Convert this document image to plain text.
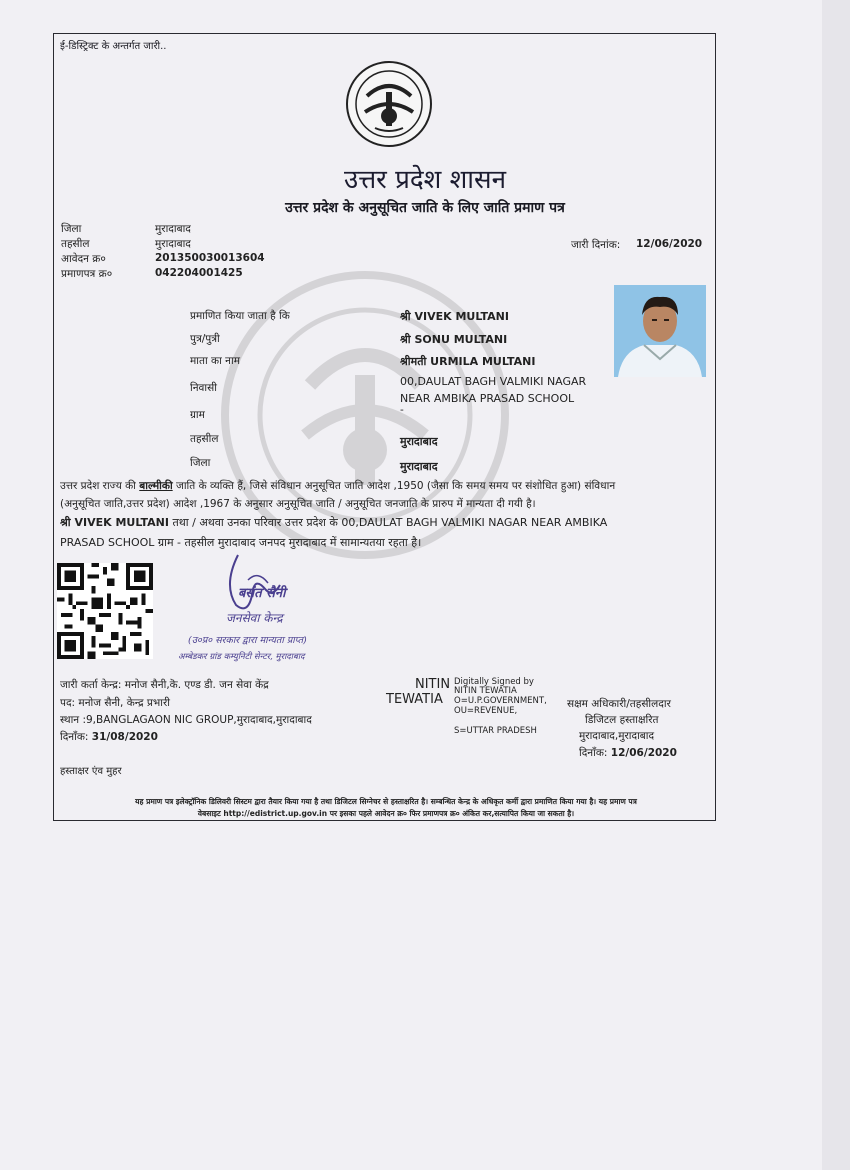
ई-डिस्ट्रिक्ट के अन्तर्गत जारी..
उत्तर प्रदेश शासन
उत्तर प्रदेश के अनुसूचित जाति के लिए जाति प्रमाण पत्र
जिला	मुरादाबाद
तहसील	मुरादाबाद
आवेदन क्र०	201350030013604
प्रमाणपत्र क्र०	042204001425
जारी दिनांक: 12/06/2020
प्रमाणित किया जाता है कि	श्री VIVEK MULTANI
पुत्र/पुत्री	श्री SONU MULTANI
माता का नाम	श्रीमती URMILA MULTANI
निवासी	00,DAULAT BAGH VALMIKI NAGAR
NEAR AMBIKA PRASAD SCHOOL
ग्राम	-
तहसील	मुरादाबाद
जिला	मुरादाबाद
उत्तर प्रदेश राज्य की बाल्मीकी जाति के व्यक्ति हैं, जिसे संविधान अनुसूचित जाति आदेश ,1950 (जैसा कि समय समय पर संशोधित हुआ) संविधान
(अनुसूचित जाति,उत्तर प्रदेश) आदेश ,1967 के अनुसार अनुसूचित जाति / अनुसूचित जनजाति के प्रारुप में मान्यता दी गयी है।
श्री VIVEK MULTANI तथा / अथवा उनका परिवार उत्तर प्रदेश के 00,DAULAT BAGH VALMIKI NAGAR NEAR AMBIKA
PRASAD SCHOOL ग्राम - तहसील मुरादाबाद जनपद मुरादाबाद में सामान्यतया रहता है।
बसंत सैनी
जनसेवा केन्द्र
(उ०प्र० सरकार द्वारा मान्यता प्राप्त)
अम्बेडकर ग्रांड कम्युनिटी सेन्टर, मुरादाबाद
जारी कर्ता केन्द्र: मनोज सैनी,कॆ. एण्ड डी. जन सेवा केंद्र
पद: मनोज सैनी, केन्द्र प्रभारी
स्थान :9,BANGLAGAON NIC GROUP,मुरादाबाद,मुरादाबाद
दिनाँक: 31/08/2020
हस्ताक्षर एंव मुहर
NITIN
TEWATIA
Digitally Signed by
NITIN TEWATIA
O=U.P.GOVERNMENT,
OU=REVENUE,
S=UTTAR PRADESH
सक्षम अधिकारी/तहसीलदार
डिजिटल हस्ताक्षरित
मुरादाबाद,मुरादाबाद
दिनाँक: 12/06/2020
यह प्रमाण पत्र इलेक्ट्रॉनिक डिलिवरी सिस्टम द्वारा तैयार किया गया है तथा डिजिटल सिग्नेचर से हस्ताक्षरित है। सम्बन्धित केन्द्र के अधिकृत कर्मी द्वारा प्रमाणित किया गया है। यह प्रमाण पत्र
वेबसाइट http://edistrict.up.gov.in पर इसका पहले आवेदन क्र० फिर प्रमाणपत्र क्र० अंकित कर,सत्यापित किया जा सकता है।
